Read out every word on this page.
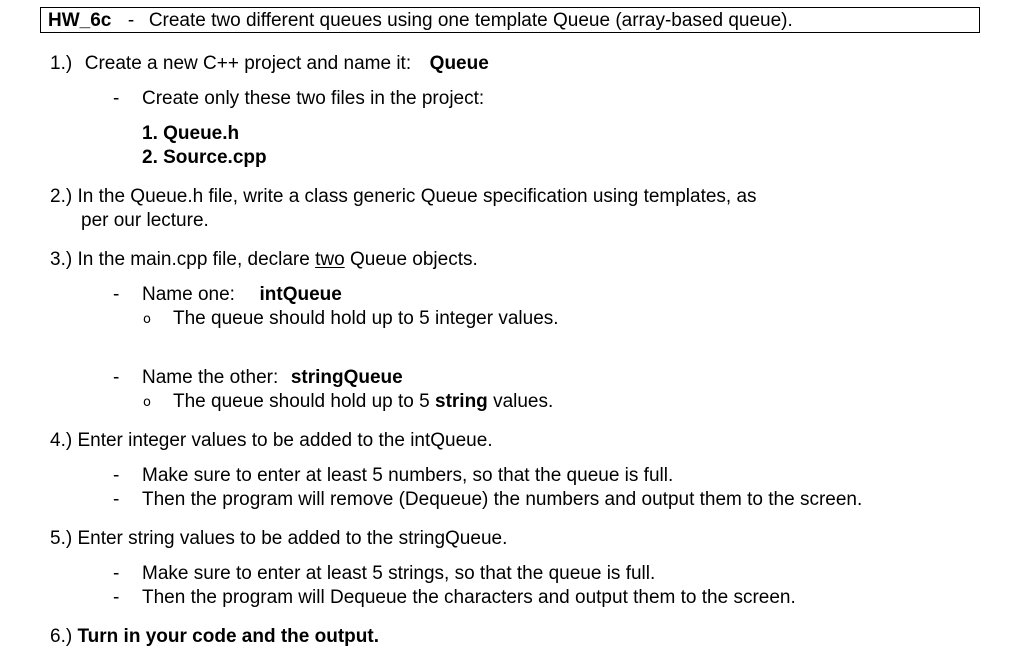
HW_6c - Create two different queues using one template Queue (array-based queue).
1.) Create a new C++ project and name it: Queue
- Create only these two files in the project:
1. Queue.h
2. Source.cpp
2.) In the Queue.h file, write a class generic Queue specification using templates, as
per our lecture.
3.) In the main.cpp file, declare two Queue objects.
- Name one: intQueue
o The queue should hold up to 5 integer values.
- Name the other: stringQueue
o The queue should hold up to 5 string values.
4.) Enter integer values to be added to the intQueue.
- Make sure to enter at least 5 numbers, so that the queue is full.
- Then the program will remove (Dequeue) the numbers and output them to the screen.
5.) Enter string values to be added to the stringQueue.
- Make sure to enter at least 5 strings, so that the queue is full.
- Then the program will Dequeue the characters and output them to the screen.
6.) Turn in your code and the output.
